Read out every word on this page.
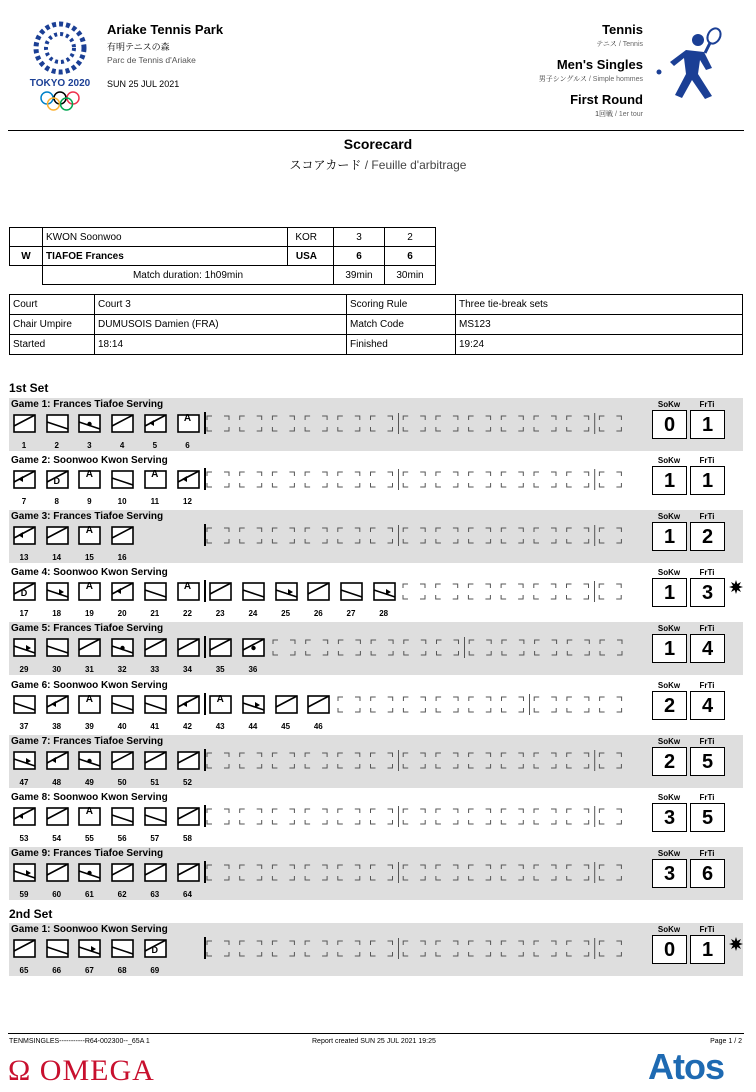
TOKYO 2020
Ariake Tennis Park
有明テニスの森
Parc de Tennis d'Ariake
SUN 25 JUL 2021
Tennis
テニス / Tennis
Men's Singles
男子シングルス / Simple hommes
First Round
1回戦 / 1er tour
Scorecard
スコアカード / Feuille d'arbitrage
	KWON Soonwoo	KOR	3	2
W	TIAFOE Frances	USA	6	6
	Match duration: 1h09min		39min	30min
Court	Court 3	Scoring Rule	Three tie-break sets
Chair Umpire	DUMUSOIS Damien (FRA)	Match Code	MS123
Started	18:14	Finished	19:24
1st Set
Game 1: Frances Tiafoe Serving
1	2	3	4	5
A
6
SoKw
0
FrTi
1
Game 2: Soonwoo Kwon Serving
7
D
8
A
9	10
A
11	12
SoKw
1
FrTi
1
Game 3: Frances Tiafoe Serving
13	14
A
15	16
SoKw
1
FrTi
2
Game 4: Soonwoo Kwon Serving
D
17	18
A
19	20	21
A
22	23	24	25	26	27	28
SoKw
1
FrTi
3
Game 5: Frances Tiafoe Serving
29	30	31	32	33	34	35	36
SoKw
1
FrTi
4
Game 6: Soonwoo Kwon Serving
37	38
A
39	40	41	42
A
43	44	45	46
SoKw
2
FrTi
4
Game 7: Frances Tiafoe Serving
47	48	49	50	51	52
SoKw
2
FrTi
5
Game 8: Soonwoo Kwon Serving
53	54
A
55	56	57	58
SoKw
3
FrTi
5
Game 9: Frances Tiafoe Serving
59	60	61	62	63	64
SoKw
3
FrTi
6
2nd Set
Game 1: Soonwoo Kwon Serving
65	66	67	68
D
69
SoKw
0
FrTi
1
TENMSINGLES-----------R64-002300--_65A 1	Report created SUN 25 JUL 2021 19:25	Page 1 / 2
Ω OMEGA	Atos
